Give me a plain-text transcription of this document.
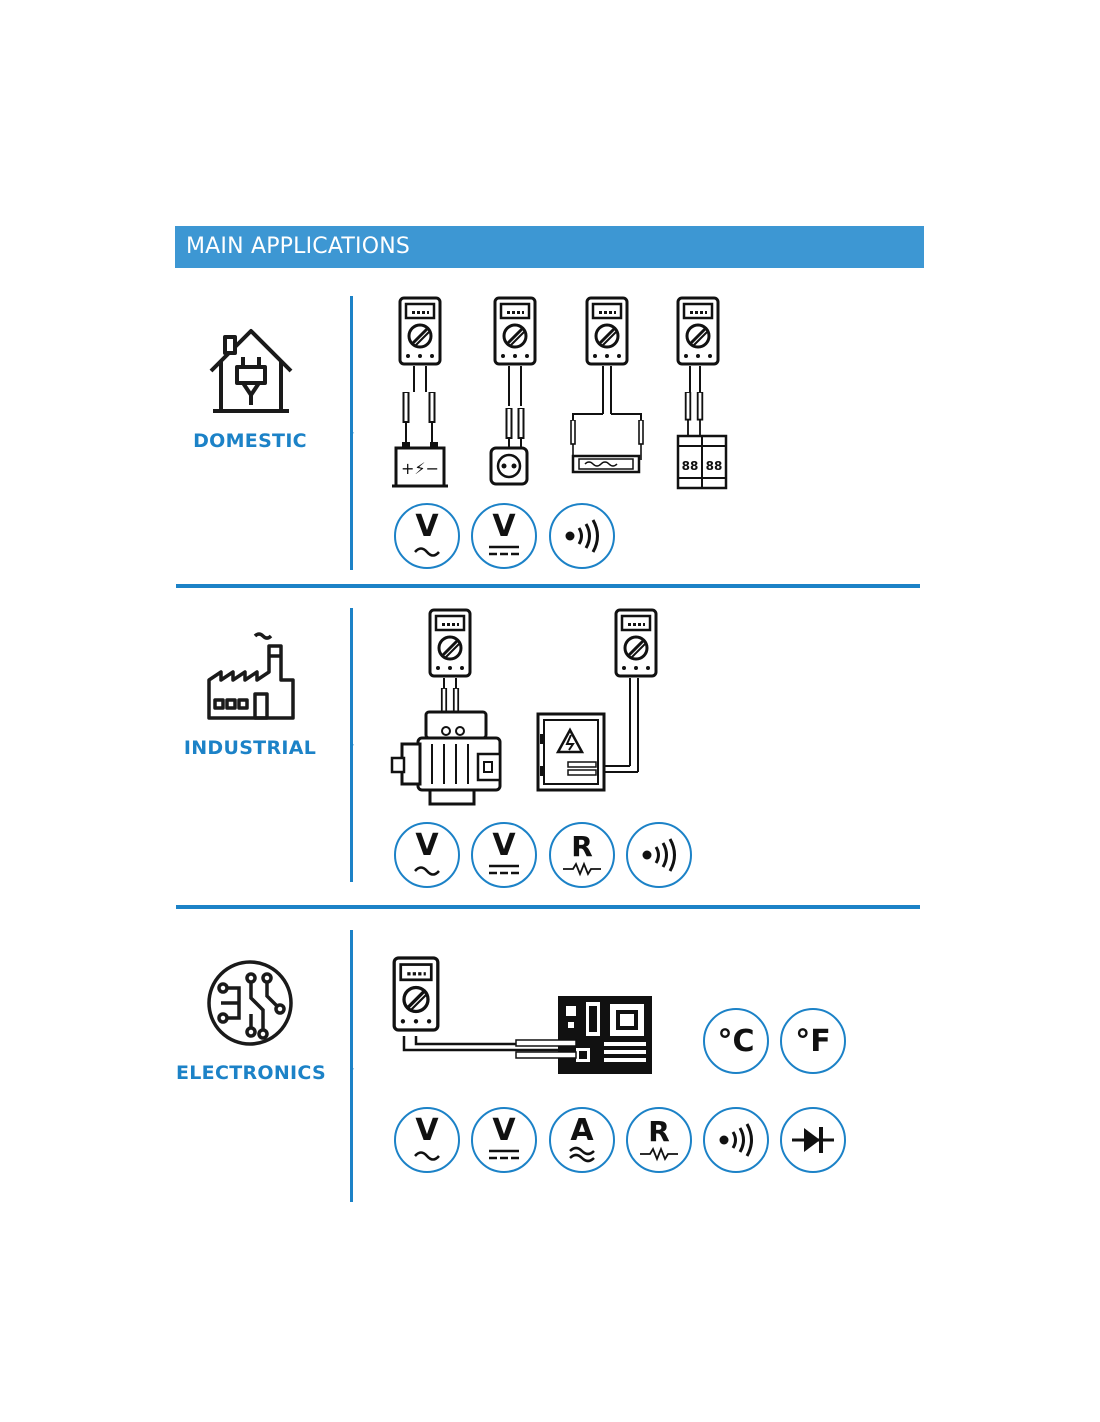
MAIN APPLICATIONS
DOMESTIC	›
+⚡−	88 88
V	V
INDUSTRIAL	›
V	V	R
ELECTRONICS	›
°C	°F
V	V	A	R
